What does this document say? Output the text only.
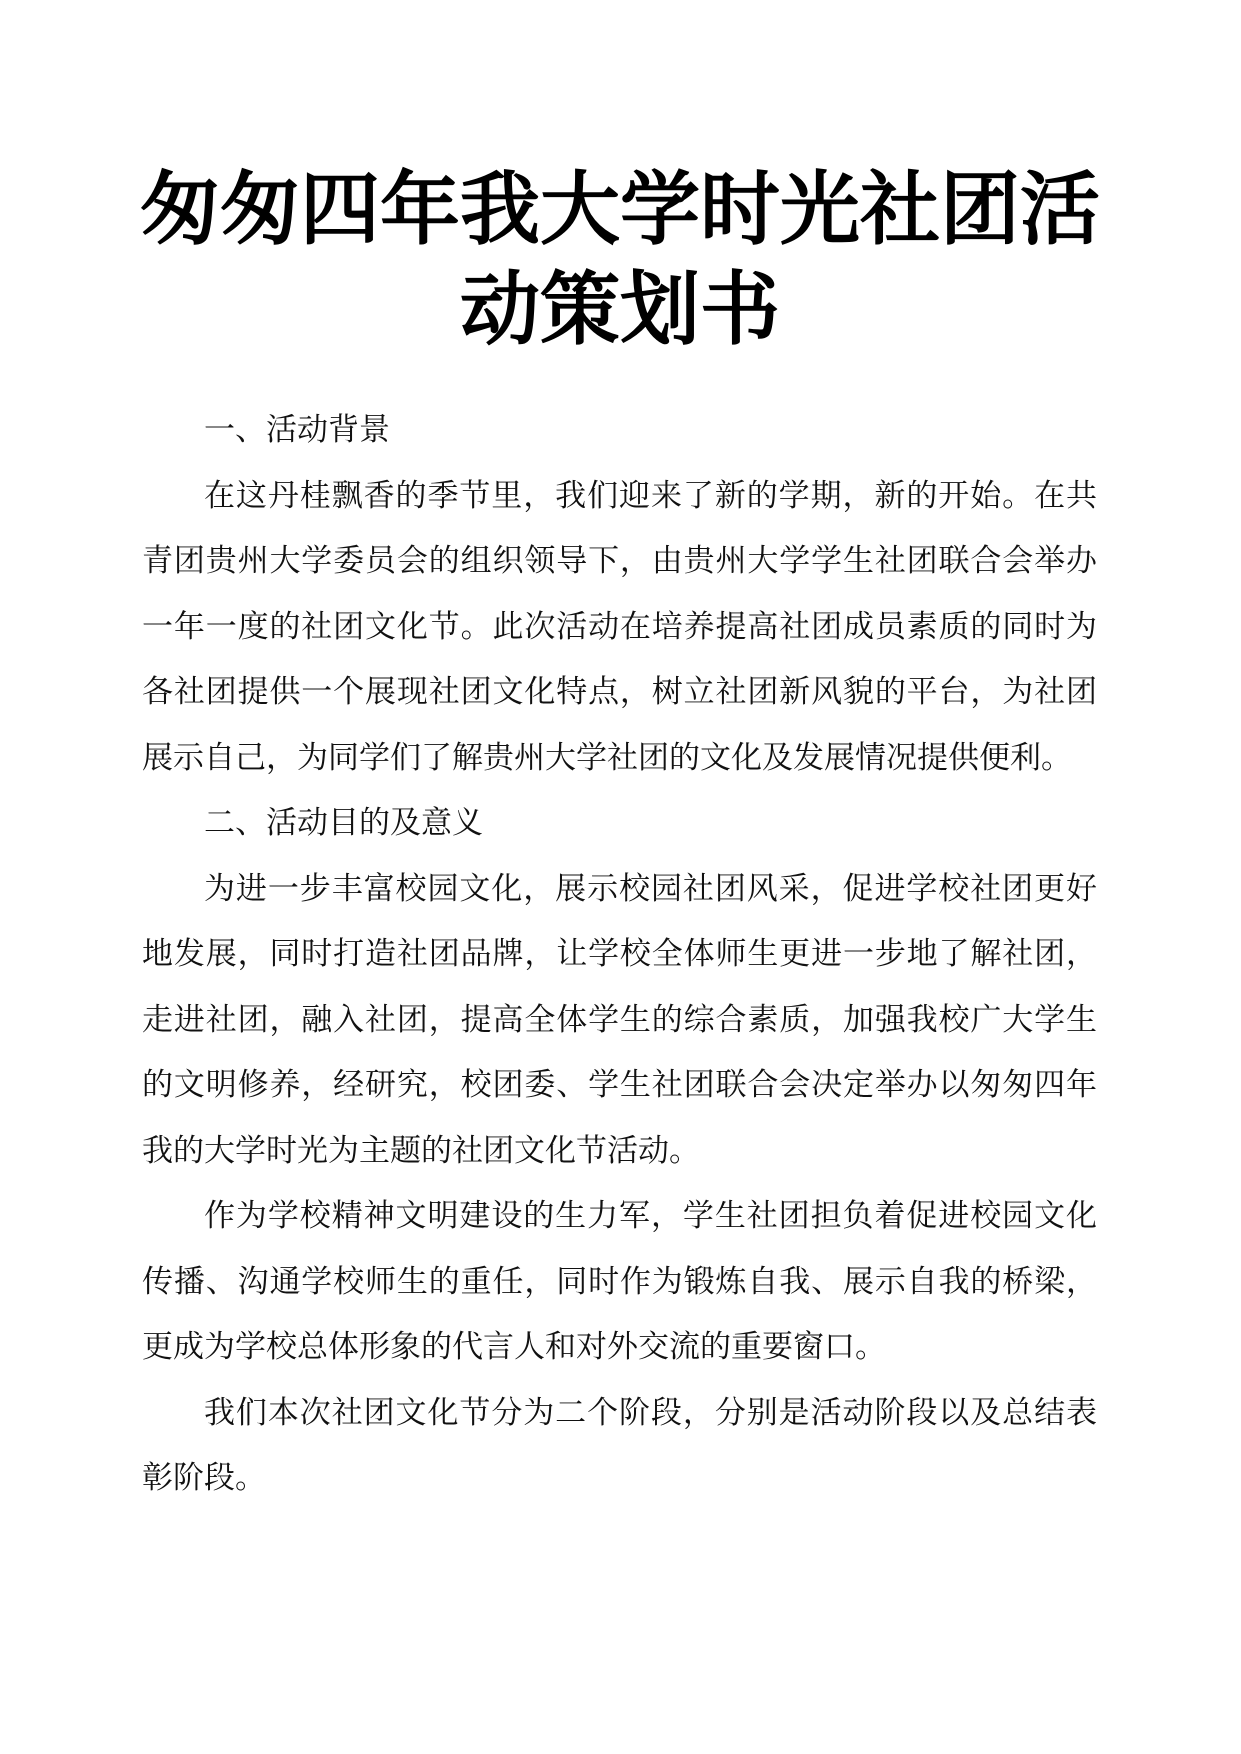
匆匆四年我大学时光社团活动策划书

一、活动背景

在这丹桂飘香的季节里，我们迎来了新的学期，新的开始。在共青团贵州大学委员会的组织领导下，由贵州大学学生社团联合会举办一年一度的社团文化节。此次活动在培养提高社团成员素质的同时为各社团提供一个展现社团文化特点，树立社团新风貌的平台，为社团展示自己，为同学们了解贵州大学社团的文化及发展情况提供便利。

二、活动目的及意义

为进一步丰富校园文化，展示校园社团风采，促进学校社团更好地发展，同时打造社团品牌，让学校全体师生更进一步地了解社团，走进社团，融入社团，提高全体学生的综合素质，加强我校广大学生的文明修养，经研究，校团委、学生社团联合会决定举办以匆匆四年我的大学时光为主题的社团文化节活动。

作为学校精神文明建设的生力军，学生社团担负着促进校园文化传播、沟通学校师生的重任，同时作为锻炼自我、展示自我的桥梁，更成为学校总体形象的代言人和对外交流的重要窗口。

我们本次社团文化节分为二个阶段，分别是活动阶段以及总结表彰阶段。
